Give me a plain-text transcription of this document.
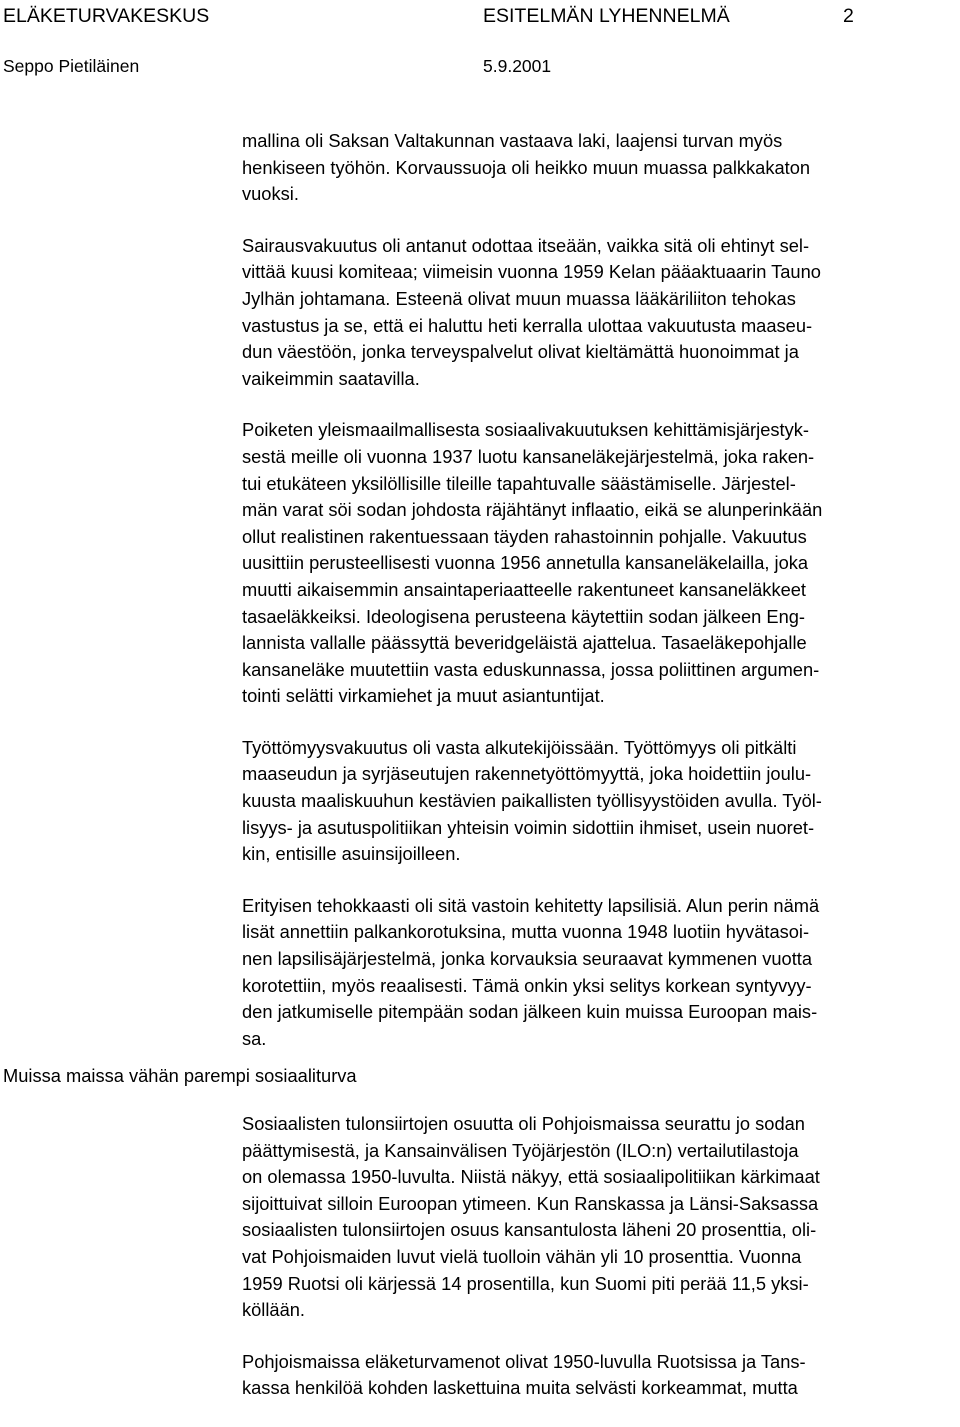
ELÄKETURVAKESKUS	ESITELMÄN LYHENNELMÄ	2
Seppo Pietiläinen	5.9.2001

mallina oli Saksan Valtakunnan vastaava laki, laajensi turvan myös
henkiseen työhön. Korvaussuoja oli heikko muun muassa palkkakaton
vuoksi.

Sairausvakuutus oli antanut odottaa itseään, vaikka sitä oli ehtinyt sel-
vittää kuusi komiteaa; viimeisin vuonna 1959 Kelan pääaktuaarin Tauno
Jylhän johtamana. Esteenä olivat muun muassa lääkäriliiton tehokas
vastustus ja se, että ei haluttu heti kerralla ulottaa vakuutusta maaseu-
dun väestöön, jonka terveyspalvelut olivat kieltämättä huonoimmat ja
vaikeimmin saatavilla.

Poiketen yleismaailmallisesta sosiaalivakuutuksen kehittämisjärjestyk-
sestä meille oli vuonna 1937 luotu kansaneläkejärjestelmä, joka raken-
tui etukäteen yksilöllisille tileille tapahtuvalle säästämiselle. Järjestel-
män varat söi sodan johdosta räjähtänyt inflaatio, eikä se alunperinkään
ollut realistinen rakentuessaan täyden rahastoinnin pohjalle. Vakuutus
uusittiin perusteellisesti vuonna 1956 annetulla kansaneläkelailla, joka
muutti aikaisemmin ansaintaperiaatteelle rakentuneet kansaneläkkeet
tasaeläkkeiksi. Ideologisena perusteena käytettiin sodan jälkeen Eng-
lannista vallalle päässyttä beveridgeläistä ajattelua. Tasaeläkepohjalle
kansaneläke muutettiin vasta eduskunnassa, jossa poliittinen argumen-
tointi selätti virkamiehet ja muut asiantuntijat.

Työttömyysvakuutus oli vasta alkutekijöissään. Työttömyys oli pitkälti
maaseudun ja syrjäseutujen rakennetyöttömyyttä, joka hoidettiin joulu-
kuusta maaliskuuhun kestävien paikallisten työllisyystöiden avulla. Työl-
lisyys- ja asutuspolitiikan yhteisin voimin sidottiin ihmiset, usein nuoret-
kin, entisille asuinsijoilleen.

Erityisen tehokkaasti oli sitä vastoin kehitetty lapsilisiä. Alun perin nämä
lisät annettiin palkankorotuksina, mutta vuonna 1948 luotiin hyvätasoi-
nen lapsilisäjärjestelmä, jonka korvauksia seuraavat kymmenen vuotta
korotettiin, myös reaalisesti. Tämä onkin yksi selitys korkean syntyvyy-
den jatkumiselle pitempään sodan jälkeen kuin muissa Euroopan mais-
sa.

Muissa maissa vähän parempi sosiaaliturva

Sosiaalisten tulonsiirtojen osuutta oli Pohjoismaissa seurattu jo sodan
päättymisestä, ja Kansainvälisen Työjärjestön (ILO:n) vertailutilastoja
on olemassa 1950-luvulta. Niistä näkyy, että sosiaalipolitiikan kärkimaat
sijoittuivat silloin Euroopan ytimeen. Kun Ranskassa ja Länsi-Saksassa
sosiaalisten tulonsiirtojen osuus kansantulosta läheni 20 prosenttia, oli-
vat Pohjoismaiden luvut vielä tuolloin vähän yli 10 prosenttia. Vuonna
1959 Ruotsi oli kärjessä 14 prosentilla, kun Suomi piti perää 11,5 yksi-
köllään.

Pohjoismaissa eläketurvamenot olivat 1950-luvulla Ruotsissa ja Tans-
kassa henkilöä kohden laskettuina muita selvästi korkeammat, mutta
